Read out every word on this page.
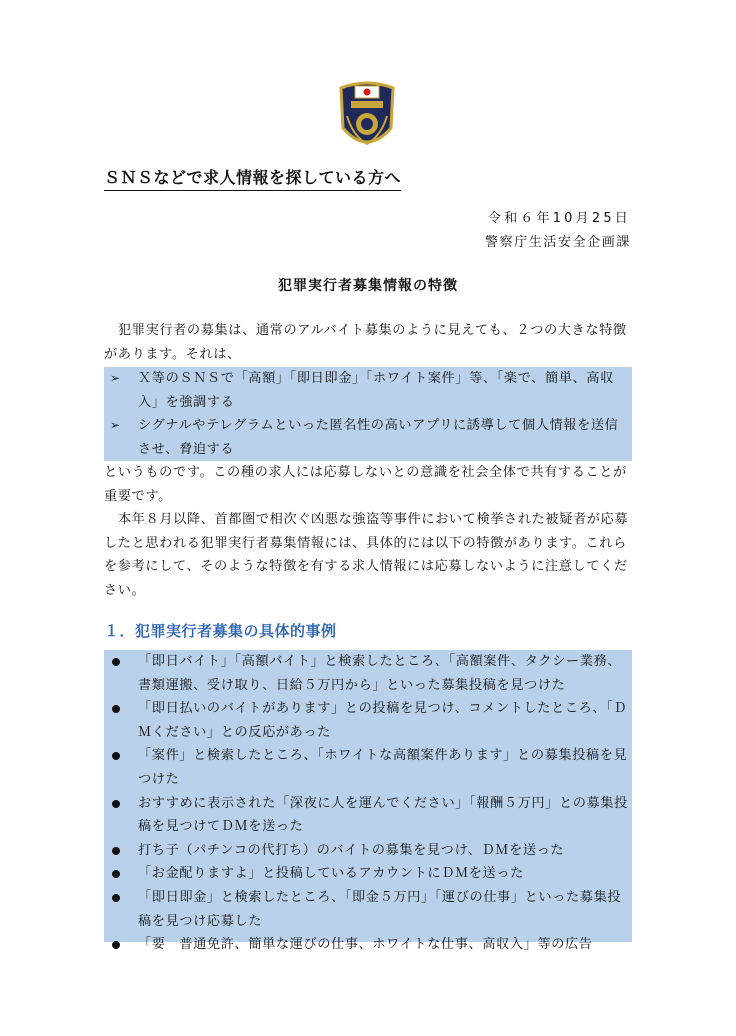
ＳＮＳなどで求人情報を探している方へ
令和６年10月25日
警察庁生活安全企画課
犯罪実行者募集情報の特徴
犯罪実行者の募集は、通常のアルバイト募集のように見えても、２つの大きな特徴があります。それは、
➢ Ｘ等のＳＮＳで「高額」「即日即金」「ホワイト案件」等、「楽で、簡単、高収入」を強調する
➢ シグナルやテレグラムといった匿名性の高いアプリに誘導して個人情報を送信させ、脅迫する
というものです。この種の求人には応募しないとの意識を社会全体で共有することが重要です。
本年８月以降、首都圏で相次ぐ凶悪な強盗等事件において検挙された被疑者が応募したと思われる犯罪実行者募集情報には、具体的には以下の特徴があります。これらを参考にして、そのような特徴を有する求人情報には応募しないように注意してください。
１．犯罪実行者募集の具体的事例
「即日バイト」「高額バイト」と検索したところ、「高額案件、タクシー業務、書類運搬、受け取り、日給５万円から」といった募集投稿を見つけた
「即日払いのバイトがあります」との投稿を見つけ、コメントしたところ、「ＤＭください」との反応があった
「案件」と検索したところ、「ホワイトな高額案件あります」との募集投稿を見つけた
おすすめに表示された「深夜に人を運んでください」「報酬５万円」との募集投稿を見つけてＤＭを送った
打ち子（パチンコの代打ち）のバイトの募集を見つけ、ＤＭを送った
「お金配りますよ」と投稿しているアカウントにＤＭを送った
「即日即金」と検索したところ、「即金５万円」「運びの仕事」といった募集投稿を見つけ応募した
「要　普通免許、簡単な運びの仕事、ホワイトな仕事、高収入」等の広告
